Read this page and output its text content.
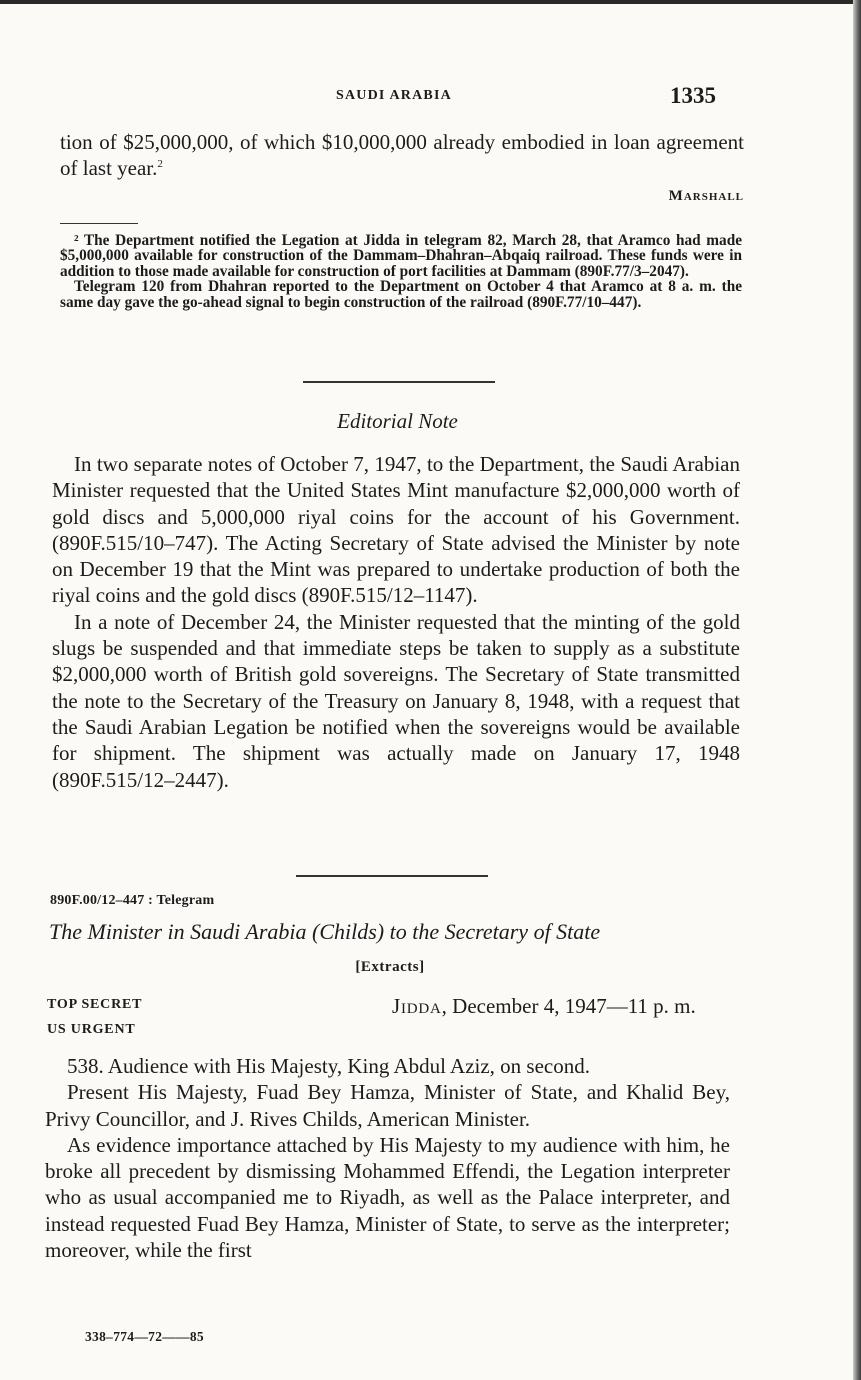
SAUDI ARABIA	1335

tion of $25,000,000, of which $10,000,000 already embodied in loan agreement of last year.$^2$

Marshall

² The Department notified the Legation at Jidda in telegram 82, March 28, that Aramco had made $5,000,000 available for construction of the Dammam–Dhahran–Abqaiq railroad. These funds were in addition to those made available for construction of port facilities at Dammam (890F.77/3–2047).

Telegram 120 from Dhahran reported to the Department on October 4 that Aramco at 8 a. m. the same day gave the go-ahead signal to begin construction of the railroad (890F.77/10–447).

Editorial Note

In two separate notes of October 7, 1947, to the Department, the Saudi Arabian Minister requested that the United States Mint manufacture $2,000,000 worth of gold discs and 5,000,000 riyal coins for the account of his Government. (890F.515/10–747). The Acting Secretary of State advised the Minister by note on December 19 that the Mint was prepared to undertake production of both the riyal coins and the gold discs (890F.515/12–1147).

In a note of December 24, the Minister requested that the minting of the gold slugs be suspended and that immediate steps be taken to supply as a substitute $2,000,000 worth of British gold sovereigns. The Secretary of State transmitted the note to the Secretary of the Treasury on January 8, 1948, with a request that the Saudi Arabian Legation be notified when the sovereigns would be available for shipment. The shipment was actually made on January 17, 1948 (890F.515/12–2447).

890F.00/12–447 : Telegram
The Minister in Saudi Arabia (Childs) to the Secretary of State
[Extracts]
TOP SECRET
US URGENT
Jidda, December 4, 1947—11 p. m.

538. Audience with His Majesty, King Abdul Aziz, on second.

Present His Majesty, Fuad Bey Hamza, Minister of State, and Khalid Bey, Privy Councillor, and J. Rives Childs, American Minister.

As evidence importance attached by His Majesty to my audience with him, he broke all precedent by dismissing Mohammed Effendi, the Legation interpreter who as usual accompanied me to Riyadh, as well as the Palace interpreter, and instead requested Fuad Bey Hamza, Minister of State, to serve as the interpreter; moreover, while the first

338–774—72——85
